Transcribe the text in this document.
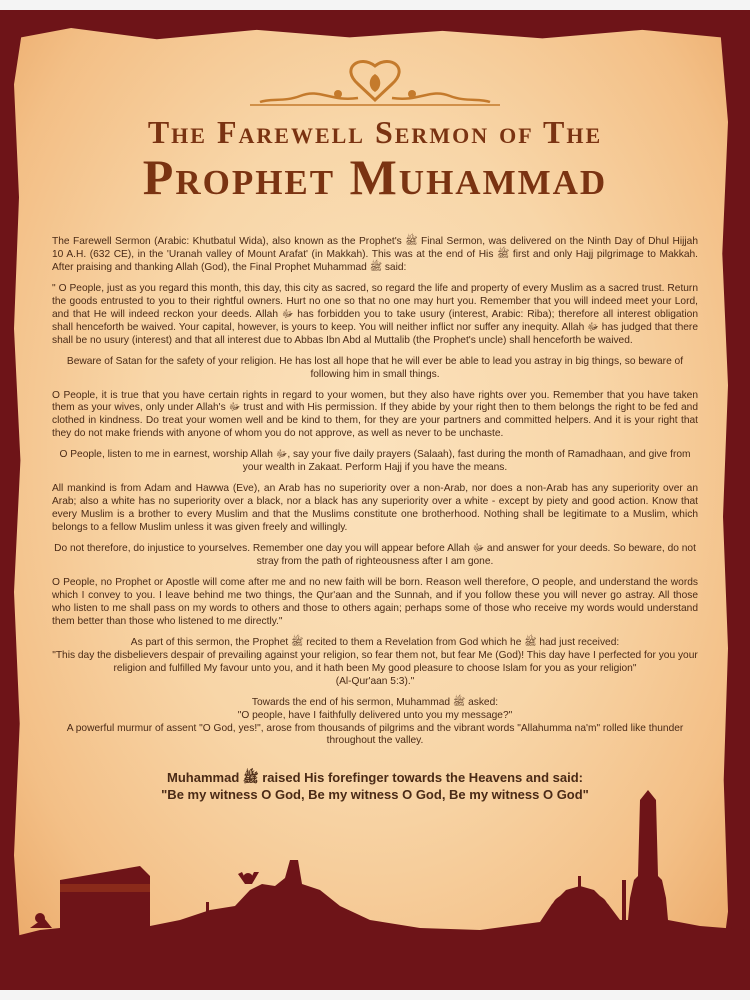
The Farewell Sermon of The
Prophet Muhammad

The Farewell Sermon (Arabic: Khutbatul Wida), also known as the Prophet's ﷺ Final Sermon, was delivered on the Ninth Day of Dhul Hijjah 10 A.H. (632 CE), in the 'Uranah valley of Mount Arafat' (in Makkah). This was at the end of His ﷺ first and only Hajj pilgrimage to Makkah. After praising and thanking Allah (God), the Final Prophet Muhammad ﷺ said:

" O People, just as you regard this month, this day, this city as sacred, so regard the life and property of every Muslim as a sacred trust. Return the goods entrusted to you to their rightful owners. Hurt no one so that no one may hurt you. Remember that you will indeed meet your Lord, and that He will indeed reckon your deeds. Allah ﷻ has forbidden you to take usury (interest, Arabic: Riba); therefore all interest obligation shall henceforth be waived. Your capital, however, is yours to keep. You will neither inflict nor suffer any inequity. Allah ﷻ has judged that there shall be no usury (interest) and that all interest due to Abbas Ibn Abd al Muttalib (the Prophet's uncle) shall henceforth be waived.

Beware of Satan for the safety of your religion. He has lost all hope that he will ever be able to lead you astray in big things, so beware of following him in small things.

O People, it is true that you have certain rights in regard to your women, but they also have rights over you. Remember that you have taken them as your wives, only under Allah's ﷻ trust and with His permission. If they abide by your right then to them belongs the right to be fed and clothed in kindness. Do treat your women well and be kind to them, for they are your partners and committed helpers. And it is your right that they do not make friends with anyone of whom you do not approve, as well as never to be unchaste.

O People, listen to me in earnest, worship Allah ﷻ, say your five daily prayers (Salaah), fast during the month of Ramadhaan, and give from your wealth in Zakaat. Perform Hajj if you have the means.

All mankind is from Adam and Hawwa (Eve), an Arab has no superiority over a non-Arab, nor does a non-Arab has any superiority over an Arab; also a white has no superiority over a black, nor a black has any superiority over a white - except by piety and good action. Know that every Muslim is a brother to every Muslim and that the Muslims constitute one brotherhood. Nothing shall be legitimate to a Muslim, which belongs to a fellow Muslim unless it was given freely and willingly.

Do not therefore, do injustice to yourselves. Remember one day you will appear before Allah ﷻ and answer for your deeds. So beware, do not stray from the path of righteousness after I am gone.

O People, no Prophet or Apostle will come after me and no new faith will be born. Reason well therefore, O people, and understand the words which I convey to you. I leave behind me two things, the Qur'aan and the Sunnah, and if you follow these you will never go astray. All those who listen to me shall pass on my words to others and those to others again; perhaps some of those who receive my words would understand them better than those who listened to me directly."

As part of this sermon, the Prophet ﷺ recited to them a Revelation from God which he ﷺ had just received:

"This day the disbelievers despair of prevailing against your religion, so fear them not, but fear Me (God)! This day have I perfected for you your religion and fulfilled My favour unto you, and it hath been My good pleasure to choose Islam for you as your religion"

(Al-Qur'aan 5:3)."

Towards the end of his sermon, Muhammad ﷺ asked:

"O people, have I faithfully delivered unto you my message?"

A powerful murmur of assent "O God, yes!", arose from thousands of pilgrims and the vibrant words "Allahumma na'm" rolled like thunder throughout the valley.

Muhammad ﷺ raised His forefinger towards the Heavens and said:
"Be my witness O God, Be my witness O God, Be my witness O God"
